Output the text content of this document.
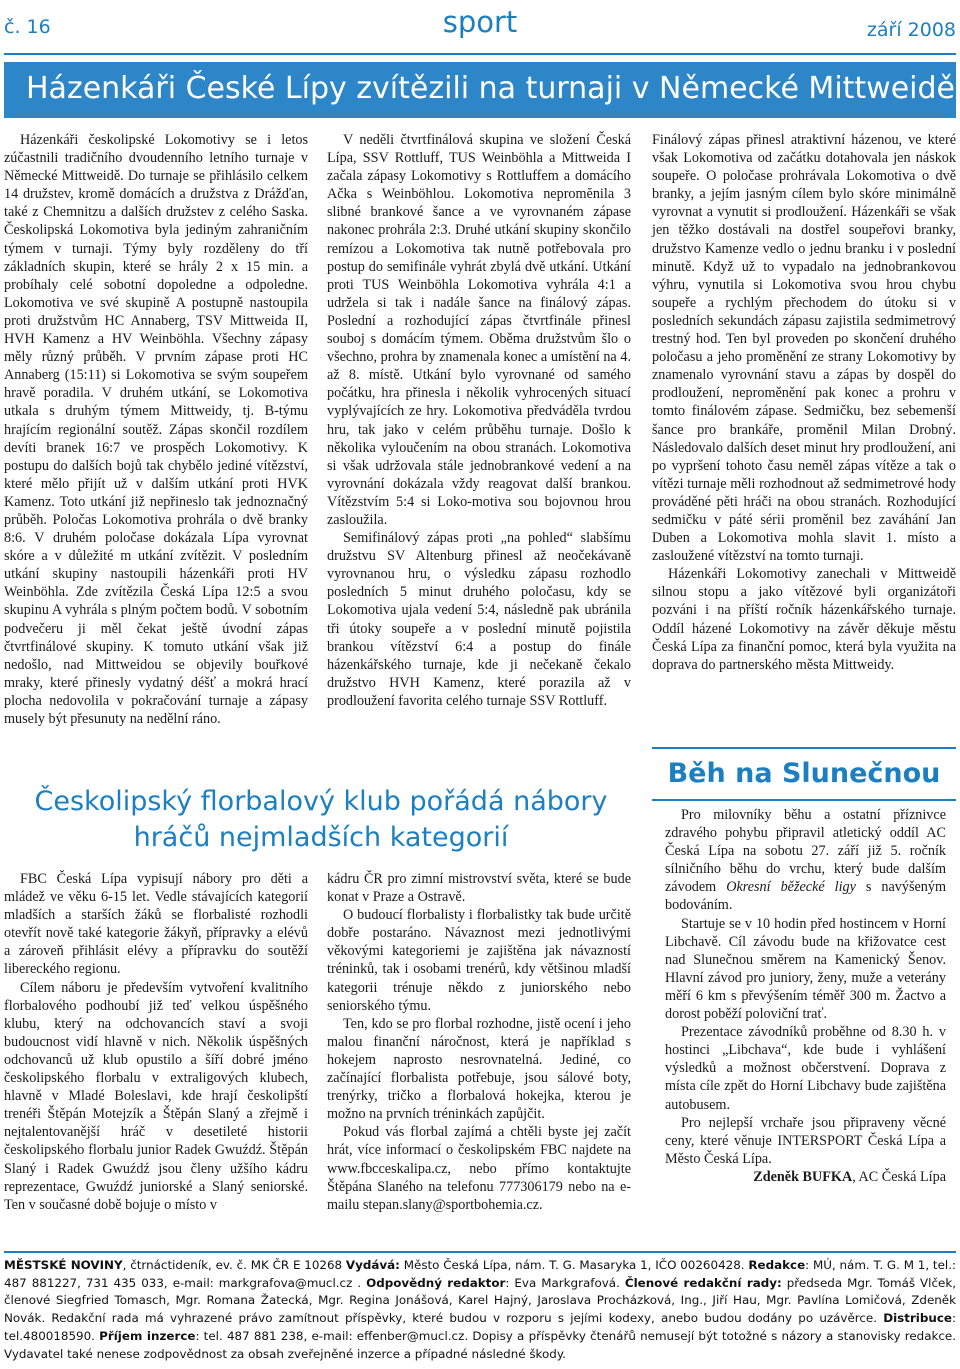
č. 16	sport	září 2008
Házenkáři České Lípy zvítězili na turnaji v Německé Mittweidě

Házenkáři českolipské Lokomotivy se i letos zúčastnili tradičního dvoudenního letního turnaje v Německé Mittweidě. Do turnaje se přihlásilo celkem 14 družstev, kromě domácích a družstva z Drážďan, také z Chemnitzu a dalších družstev z celého Saska. Českolipská Lokomotiva byla jediným zahraničním týmem v turnaji. Týmy byly rozděleny do tří základních skupin, které se hrály 2 x 15 min. a probíhaly celé sobotní dopoledne a odpoledne. Lokomotiva ve své skupině A postupně nastoupila proti družstvům HC Annaberg, TSV Mittweida II, HVH Kamenz a HV Weinböhla. Všechny zápasy měly různý průběh. V prvním zápase proti HC Annaberg (15:11) si Lokomotiva se svým soupeřem hravě poradila. V druhém utkání, se Lokomotiva utkala s druhým týmem Mittweidy, tj. B-týmu hrajícím regionální soutěž. Zápas skončil rozdílem devíti branek 16:7 ve prospěch Lokomotivy. K postupu do dalších bojů tak chybělo jediné vítězství, které mělo přijít už v dalším utkání proti HVK Kamenz. Toto utkání již nepřineslo tak jednoznačný průběh. Poločas Lokomotiva prohrála o dvě branky 8:6. V druhém poločase dokázala Lípa vyrovnat skóre a v důležité m utkání zvítězit. V posledním utkání skupiny nastoupili házenkáři proti HV Weinböhla. Zde zvítězila Česká Lípa 12:5 a svou skupinu A vyhrála s plným počtem bodů. V sobotním podvečeru ji měl čekat ještě úvodní zápas čtvrtfinálové skupiny. K tomuto utkání však již nedošlo, nad Mittweidou se objevily bouřkové mraky, které přinesly vydatný déšť a mokrá hrací plocha nedovolila v pokračování turnaje a zápasy musely být přesunuty na nedělní ráno.

V neděli čtvrtfinálová skupina ve složení Česká Lípa, SSV Rottluff, TUS Weinböhla a Mittweida I začala zápasy Lokomotivy s Rottluffem a domácího Ačka s Weinböhlou. Lokomotiva nepromĕnila 3 slibné brankové šance a ve vyrovnaném zápase nakonec prohrála 2:3. Druhé utkání skupiny skončilo remízou a Lokomotiva tak nutně potřebovala pro postup do semifinále vyhrát zbylá dvě utkání. Utkání proti TUS Weinböhla Lokomotiva vyhrála 4:1 a udržela si tak i nadále šance na finálový zápas. Poslední a rozhodující zápas čtvrtfinále přinesl souboj s domácím týmem. Oběma družstvům šlo o všechno, prohra by znamenala konec a umístění na 4. až 8. místě. Utkání bylo vyrovnané od samého počátku, hra přinesla i několik vyhrocených situací vyplývajících ze hry. Lokomotiva předváděla tvrdou hru, tak jako v celém průběhu turnaje. Došlo k několika vyloučením na obou stranách. Lokomotiva si však udržovala stále jednobrankové vedení a na vyrovnání dokázala vždy reagovat další brankou. Vítězstvím 5:4 si Loko-motiva sou bojovnou hrou zasloužila.

Semifinálový zápas proti „na pohled“ slabšímu družstvu SV Altenburg přinesl až neočekávaně vyrovnanou hru, o výsledku zápasu rozhodlo posledních 5 minut druhého poločasu, kdy se Lokomotiva ujala vedení 5:4, následně pak ubránila tři útoky soupeře a v poslední minutě pojistila brankou vítězství 6:4 a postup do finále házenkářského turnaje, kde ji nečekaně čekalo družstvo HVH Kamenz, které porazila až v prodloužení favorita celého turnaje SSV Rottluff.

Finálový zápas přinesl atraktivní házenou, ve které však Lokomotiva od začátku dotahovala jen náskok soupeře. O poločase prohrávala Lokomotiva o dvě branky, a jejím jasným cílem bylo skóre minimálně vyrovnat a vynutit si prodloužení. Házenkáři se však jen těžko dostávali na dostřel soupeřovi branky, družstvo Kamenze vedlo o jednu branku i v poslední minutě. Když už to vypadalo na jednobrankovou výhru, vynutila si Lokomotiva svou hrou chybu soupeře a rychlým přechodem do útoku si v posledních sekundách zápasu zajistila sedmimetrový trestný hod. Ten byl proveden po skončení druhého poločasu a jeho proměnění ze strany Lokomotivy by znamenalo vyrovnání stavu a zápas by dospěl do prodloužení, neproměnění pak konec a prohru v tomto finálovém zápase. Sedmičku, bez sebemenší šance pro brankáře, proměnil Milan Drobný. Následovalo dalších deset minut hry prodloužení, ani po vypršení tohoto času neměl zápas vítěze a tak o vítězi turnaje měli rozhodnout až sedmimetrové hody prováděné pěti hráči na obou stranách. Rozhodující sedmičku v páté sérii proměnil bez zaváhání Jan Duben a Lokomotiva mohla slavit 1. místo a zasloužené vítězství na tomto turnaji.

Házenkáři Lokomotivy zanechali v Mittweidě silnou stopu a jako vítězové byli organizátoři pozváni i na příští ročník házenkářského turnaje. Oddíl házené Lokomotivy na závěr děkuje městu Česká Lípa za finanční pomoc, která byla využita na doprava do partnerského města Mittweidy.

Českolipský florbalový klub pořádá nábory
hráčů nejmladších kategorií

FBC Česká Lípa vypisují nábory pro děti a mládež ve věku 6-15 let. Vedle stávajících kategorií mladších a starších žáků se florbalisté rozhodli otevřít nově také kategorie žákyň, přípravky a elévů a zároveň přihlásit elévy a přípravku do soutěží libereckého regionu.

Cílem náboru je především vytvoření kvalitního florbalového podhoubí již teď velkou úspěšného klubu, který na odchovancích staví a svoji budoucnost vidí hlavně v nich. Několik úspěšných odchovanců už klub opustilo a šíří dobré jméno českolipského florbalu v extraligových klubech, hlavně v Mladé Boleslavi, kde hrají českolipští trenéři Štěpán Motejzík a Štěpán Slaný a zřejmě i nejtalentovanější hráč v desetileté historii českolipského florbalu junior Radek Gwuźdź. Štěpán Slaný i Radek Gwuźdź jsou členy užšího kádru reprezentace, Gwuźdź juniorské a Slaný seniorské. Ten v současné době bojuje o místo v

kádru ČR pro zimní mistrovství světa, které se bude konat v Praze a Ostravě.

O budoucí florbalisty i florbalistky tak bude určitě dobře postaráno. Návaznost mezi jednotlivými věkovými kategoriemi je zajištěna jak návazností tréninků, tak i osobami trenérů, kdy většinou mladší kategorii trénuje někdo z juniorského nebo seniorského týmu.

Ten, kdo se pro florbal rozhodne, jistě ocení i jeho malou finanční náročnost, která je například s hokejem naprosto nesrovnatelná. Jediné, co začínající florbalista potřebuje, jsou sálové boty, trenýrky, tričko a florbalová hokejka, kterou je možno na prvních tréninkách zapůjčit.

Pokud vás florbal zajímá a chtěli byste jej začít hrát, více informací o českolipském FBC najdete na www.fbcceskalipa.cz, nebo přímo kontaktujte Štěpána Slaného na telefonu 777306179 nebo na e-mailu stepan.slany@sportbohemia.cz.

Běh na Slunečnou

Pro milovníky běhu a ostatní příznivce zdravého pohybu připravil atletický oddíl AC Česká Lípa na sobotu 27. září již 5. ročník sílničního běhu do vrchu, který bude dalším závodem Okresní běžecké ligy s navýšeným bodováním.

Startuje se v 10 hodin před hostincem v Horní Libchavě. Cíl závodu bude na křižovatce cest nad Slunečnou směrem na Kamenický Šenov. Hlavní závod pro juniory, ženy, muže a veterány měří 6 km s převýšením téměř 300 m. Žactvo a dorost poběží poloviční trať.

Prezentace závodníků proběhne od 8.30 h. v hostinci „Libchava“, kde bude i vyhlášení výsledků a možnost občerstvení. Doprava z místa cíle zpět do Horní Libchavy bude zajištěna autobusem.

Pro nejlepší vrchaře jsou připraveny věcné ceny, které věnuje INTERSPORT Česká Lípa a Město Česká Lípa.

Zdeněk BUFKA, AC Česká Lípa

MĚSTSKÉ NOVINY, čtrnáctideník, ev. č. MK ČR E 10268 Vydává: Město Česká Lípa, nám. T. G. Masaryka 1, IČO 00260428. Redakce: MÚ, nám. T. G. M 1, tel.: 487 881227, 731 435 033, e-mail: markgrafova@mucl.cz . Odpovědný redaktor: Eva Markgrafová. Členové redakční rady: předseda Mgr. Tomáš Vlček, členové Siegfried Tomasch, Mgr. Romana Žatecká, Mgr. Regina Jonášová, Karel Hajný, Jaroslava Procházková, Ing., Jiří Hau, Mgr. Pavlína Lomičová, Zdeněk Novák. Redakční rada má vyhrazené právo zamítnout příspěvky, které budou v rozporu s jejími kodexy, anebo budou dodány po uzávěrce. Distribuce: tel.480018590. Příjem inzerce: tel. 487 881 238, e-mail: effenber@mucl.cz. Dopisy a příspěvky čtenářů nemusejí být totožné s názory a stanovisky redakce. Vydavatel také nenese zodpovědnost za obsah zveřejněné inzerce a případné následné škody.
